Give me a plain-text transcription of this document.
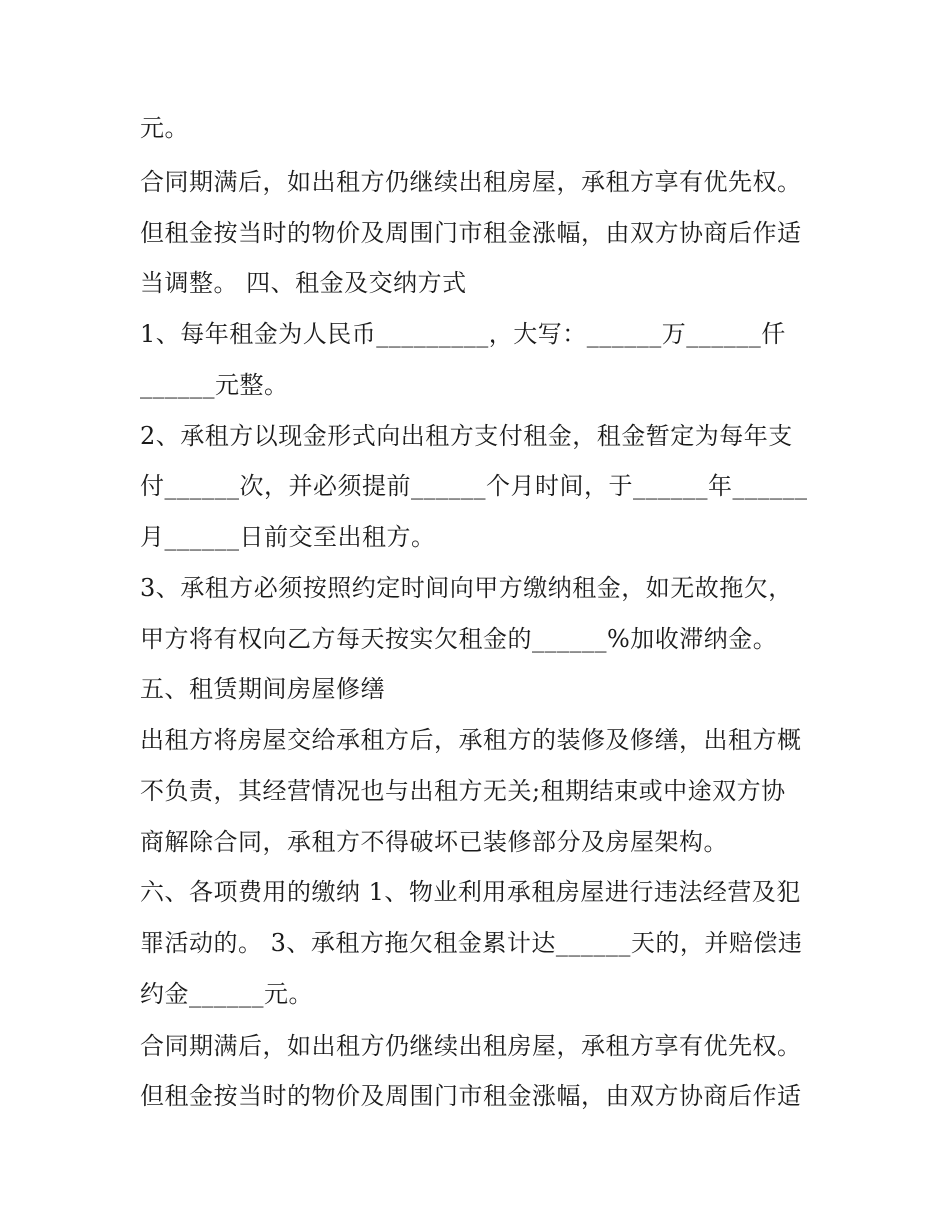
元。
合同期满后，如出租方仍继续出租房屋，承租方享有优先权。
但租金按当时的物价及周围门市租金涨幅，由双方协商后作适
当调整。 四、租金及交纳方式
1、每年租金为人民币_________，大写：______万______仟
______元整。
2、承租方以现金形式向出租方支付租金，租金暂定为每年支
付______次，并必须提前______个月时间，于______年______
月______日前交至出租方。
3、承租方必须按照约定时间向甲方缴纳租金，如无故拖欠，
甲方将有权向乙方每天按实欠租金的______%加收滞纳金。
五、租赁期间房屋修缮
出租方将房屋交给承租方后，承租方的装修及修缮，出租方概
不负责，其经营情况也与出租方无关;租期结束或中途双方协
商解除合同，承租方不得破坏已装修部分及房屋架构。
六、各项费用的缴纳 1、物业利用承租房屋进行违法经营及犯
罪活动的。 3、承租方拖欠租金累计达______天的，并赔偿违
约金______元。
合同期满后，如出租方仍继续出租房屋，承租方享有优先权。
但租金按当时的物价及周围门市租金涨幅，由双方协商后作适
